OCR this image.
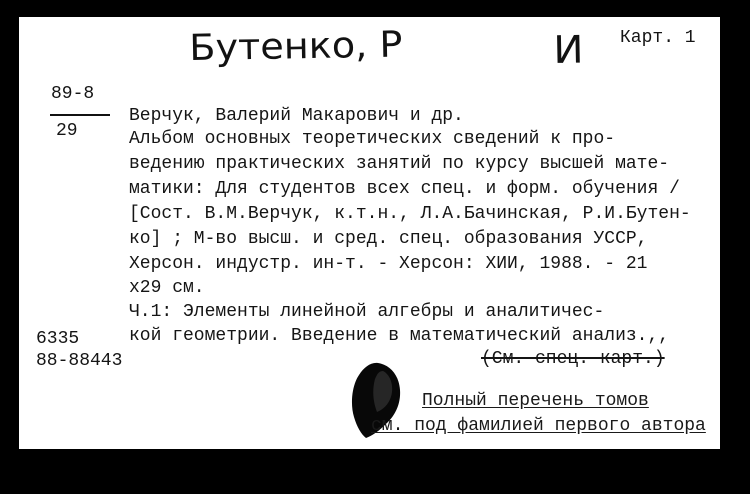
Бутенко, Р	И Карт. 1
89-8
29
Верчук, Валерий Макарович и др.
Альбом основных теоретических сведений к про-
ведению практических занятий по курсу высшей мате-
матики: Для студентов всех спец. и форм. обучения /
[Сост. В.М.Верчук, к.т.н., Л.А.Бачинская, Р.И.Бутен-
ко] ; М-во высш. и сред. спец. образования УССР,
Херсон. индустр. ин-т. - Херсон: ХИИ, 1988. - 21
х29 см.
Ч.1: Элементы линейной алгебры и аналитичес-
кой геометрии. Введение в математический анализ.,,
6335
88-88443	(См. спец. карт.)
Полный перечень томов
см. под фамилией первого автора
